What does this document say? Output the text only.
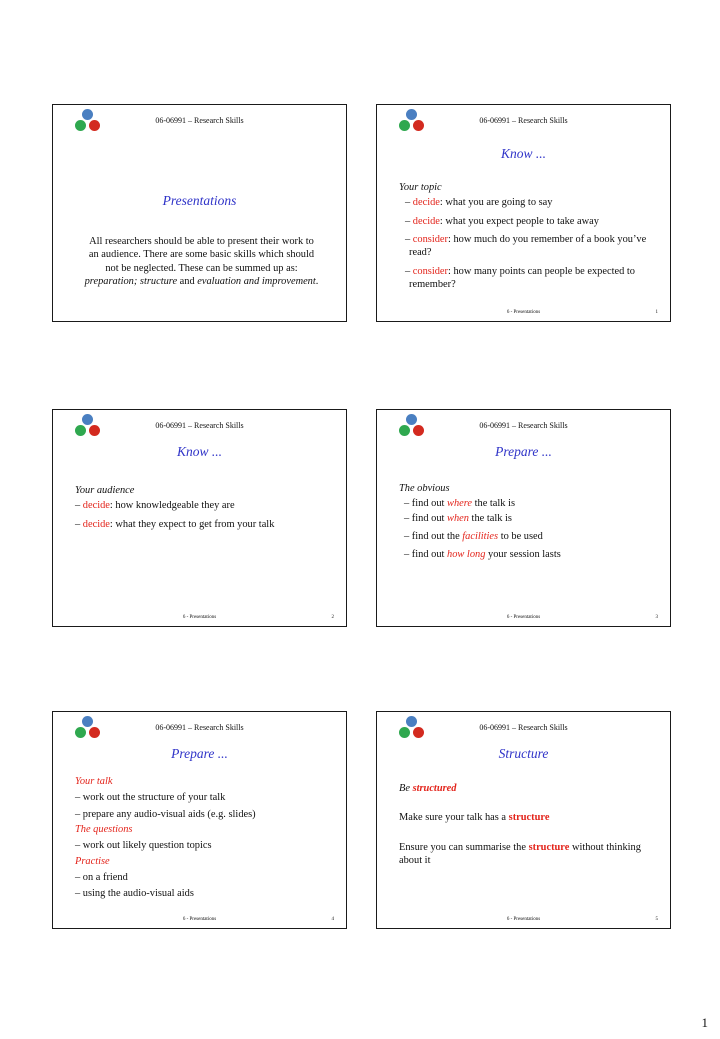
06-06991 – Research Skills
Presentations
All researchers should be able to present their work to an audience. There are some basic skills which should not be neglected. These can be summed up as: preparation; structure and evaluation and improvement.
06-06991 – Research Skills
Know ...

Your topic

– decide: what you are going to say

– decide: what you expect people to take away

– consider: how much do you remember of a book you’ve read?

– consider: how many points can people be expected to remember?

6 - Presentations	1
06-06991 – Research Skills
Know ...

Your audience

– decide: how knowledgeable they are

– decide: what they expect to get from your talk

6 - Presentations	2
06-06991 – Research Skills
Prepare ...

The obvious

– find out where the talk is

– find out when the talk is

– find out the facilities to be used

– find out how long your session lasts

6 - Presentations	3
06-06991 – Research Skills
Prepare ...

Your talk

– work out the structure of your talk

– prepare any audio-visual aids (e.g. slides)

The questions

– work out likely question topics

Practise

– on a friend

– using the audio-visual aids

6 - Presentations	4
06-06991 – Research Skills
Structure

Be structured

Make sure your talk has a structure

Ensure you can summarise the structure without thinking about it

6 - Presentations	5
1
